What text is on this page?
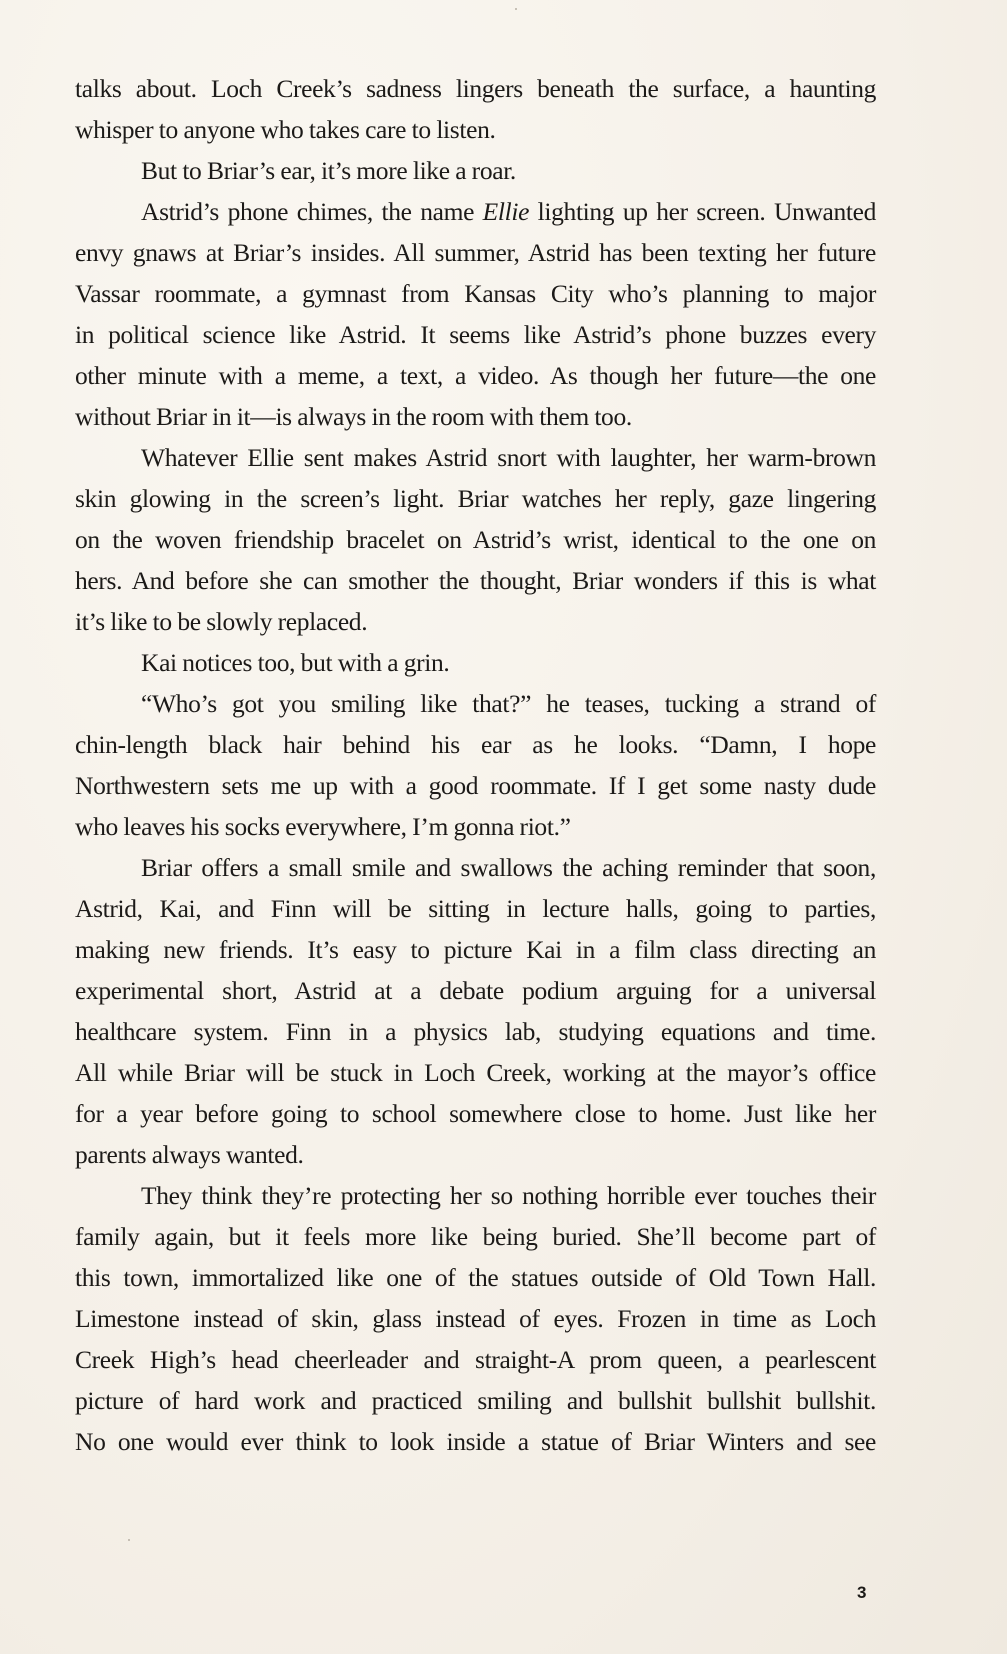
talks about. Loch Creek’s sadness lingers beneath the surface, a haunting
whisper to anyone who takes care to listen.

But to Briar’s ear, it’s more like a roar.

Astrid’s phone chimes, the name Ellie lighting up her screen. Unwanted
envy gnaws at Briar’s insides. All summer, Astrid has been texting her future
Vassar roommate, a gymnast from Kansas City who’s planning to major
in political science like Astrid. It seems like Astrid’s phone buzzes every
other minute with a meme, a text, a video. As though her future—the one
without Briar in it—is always in the room with them too.

Whatever Ellie sent makes Astrid snort with laughter, her warm-brown
skin glowing in the screen’s light. Briar watches her reply, gaze lingering
on the woven friendship bracelet on Astrid’s wrist, identical to the one on
hers. And before she can smother the thought, Briar wonders if this is what
it’s like to be slowly replaced.

Kai notices too, but with a grin.

“Who’s got you smiling like that?” he teases, tucking a strand of
chin-length black hair behind his ear as he looks. “Damn, I hope
Northwestern sets me up with a good roommate. If I get some nasty dude
who leaves his socks everywhere, I’m gonna riot.”

Briar offers a small smile and swallows the aching reminder that soon,
Astrid, Kai, and Finn will be sitting in lecture halls, going to parties,
making new friends. It’s easy to picture Kai in a film class directing an
experimental short, Astrid at a debate podium arguing for a universal
healthcare system. Finn in a physics lab, studying equations and time.
All while Briar will be stuck in Loch Creek, working at the mayor’s office
for a year before going to school somewhere close to home. Just like her
parents always wanted.

They think they’re protecting her so nothing horrible ever touches their
family again, but it feels more like being buried. She’ll become part of
this town, immortalized like one of the statues outside of Old Town Hall.
Limestone instead of skin, glass instead of eyes. Frozen in time as Loch
Creek High’s head cheerleader and straight-A prom queen, a pearlescent
picture of hard work and practiced smiling and bullshit bullshit bullshit.
No one would ever think to look inside a statue of Briar Winters and see

3
